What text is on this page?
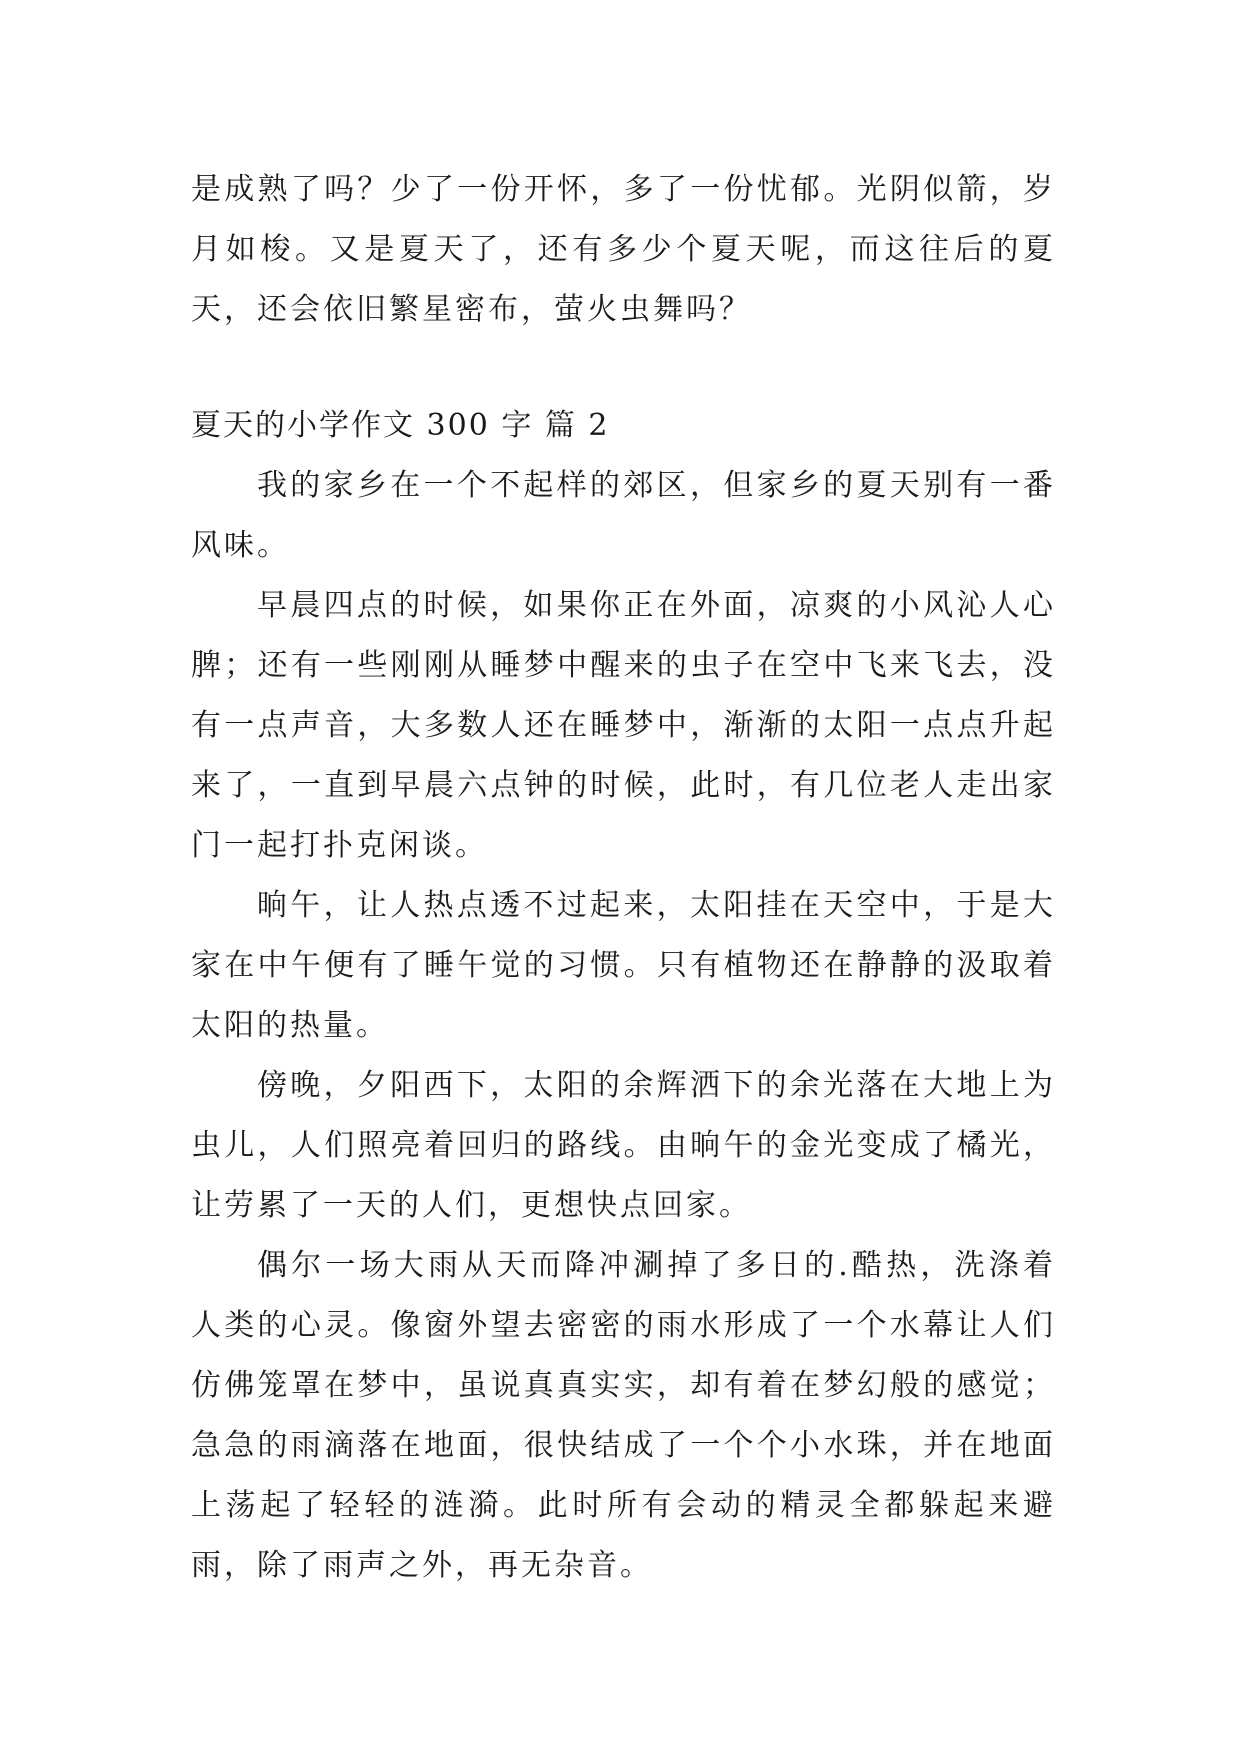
是成熟了吗？少了一份开怀，多了一份忧郁。光阴似箭，岁月如梭。又是夏天了，还有多少个夏天呢，而这往后的夏天，还会依旧繁星密布，萤火虫舞吗？

夏天的小学作文 300 字 篇 2

我的家乡在一个不起样的郊区，但家乡的夏天别有一番风味。

早晨四点的时候，如果你正在外面，凉爽的小风沁人心脾；还有一些刚刚从睡梦中醒来的虫子在空中飞来飞去，没有一点声音，大多数人还在睡梦中，渐渐的太阳一点点升起来了，一直到早晨六点钟的时候，此时，有几位老人走出家门一起打扑克闲谈。

晌午，让人热点透不过起来，太阳挂在天空中，于是大家在中午便有了睡午觉的习惯。只有植物还在静静的汲取着太阳的热量。

傍晚，夕阳西下，太阳的余辉洒下的余光落在大地上为虫儿，人们照亮着回归的路线。由晌午的金光变成了橘光，让劳累了一天的人们，更想快点回家。

偶尔一场大雨从天而降冲涮掉了多日的.酷热，洗涤着人类的心灵。像窗外望去密密的雨水形成了一个水幕让人们仿佛笼罩在梦中，虽说真真实实，却有着在梦幻般的感觉；急急的雨滴落在地面，很快结成了一个个小水珠，并在地面上荡起了轻轻的涟漪。此时所有会动的精灵全都躲起来避雨，除了雨声之外，再无杂音。
